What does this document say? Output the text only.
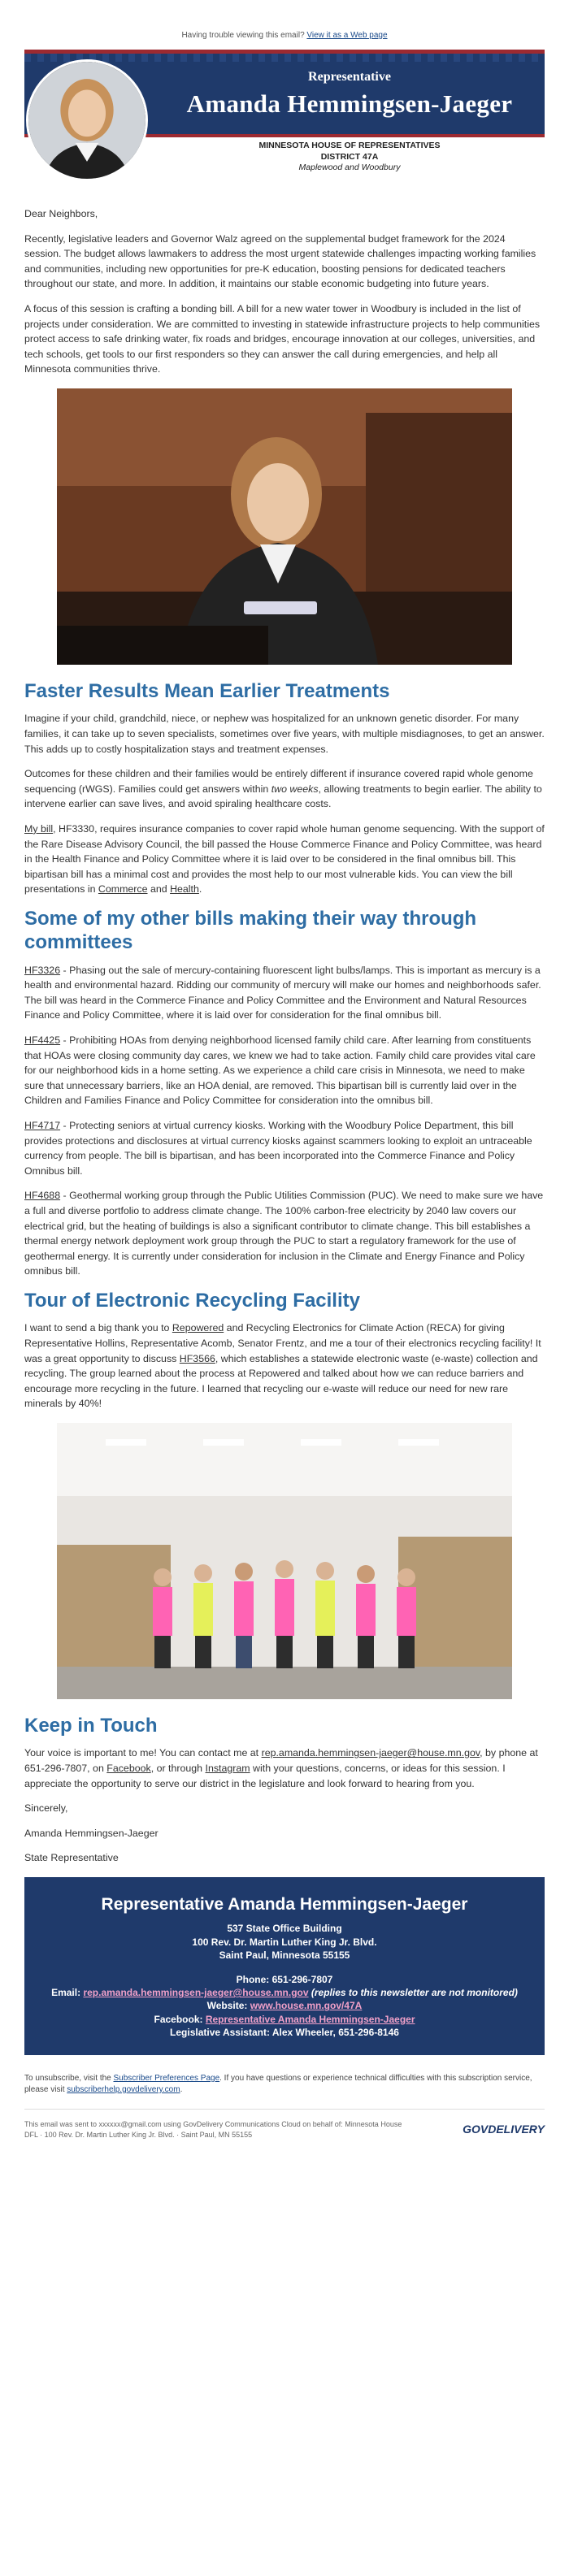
Having trouble viewing this email? View it as a Web page
Representative
Amanda Hemmingsen-Jaeger
MINNESOTA HOUSE OF REPRESENTATIVES
DISTRICT 47A
Maplewood and Woodbury

Dear Neighbors,

Recently, legislative leaders and Governor Walz agreed on the supplemental budget framework for the 2024 session. The budget allows lawmakers to address the most urgent statewide challenges impacting working families and communities, including new opportunities for pre-K education, boosting pensions for dedicated teachers throughout our state, and more. In addition, it maintains our stable economic budgeting into future years.

A focus of this session is crafting a bonding bill. A bill for a new water tower in Woodbury is included in the list of projects under consideration. We are committed to investing in statewide infrastructure projects to help communities protect access to safe drinking water, fix roads and bridges, encourage innovation at our colleges, universities, and tech schools, get tools to our first responders so they can answer the call during emergencies, and help all Minnesota communities thrive.

Faster Results Mean Earlier Treatments

Imagine if your child, grandchild, niece, or nephew was hospitalized for an unknown genetic disorder. For many families, it can take up to seven specialists, sometimes over five years, with multiple misdiagnoses, to get an answer. This adds up to costly hospitalization stays and treatment expenses.

Outcomes for these children and their families would be entirely different if insurance covered rapid whole genome sequencing (rWGS). Families could get answers within two weeks, allowing treatments to begin earlier. The ability to intervene earlier can save lives, and avoid spiraling healthcare costs.

My bill, HF3330, requires insurance companies to cover rapid whole human genome sequencing. With the support of the Rare Disease Advisory Council, the bill passed the House Commerce Finance and Policy Committee, was heard in the Health Finance and Policy Committee where it is laid over to be considered in the final omnibus bill. This bipartisan bill has a minimal cost and provides the most help to our most vulnerable kids. You can view the bill presentations in Commerce and Health.

Some of my other bills making their way through committees

HF3326 - Phasing out the sale of mercury-containing fluorescent light bulbs/lamps. This is important as mercury is a health and environmental hazard. Ridding our community of mercury will make our homes and neighborhoods safer. The bill was heard in the Commerce Finance and Policy Committee and the Environment and Natural Resources Finance and Policy Committee, where it is laid over for consideration for the final omnibus bill.

HF4425 - Prohibiting HOAs from denying neighborhood licensed family child care. After learning from constituents that HOAs were closing community day cares, we knew we had to take action. Family child care provides vital care for our neighborhood kids in a home setting. As we experience a child care crisis in Minnesota, we need to make sure that unnecessary barriers, like an HOA denial, are removed. This bipartisan bill is currently laid over in the Children and Families Finance and Policy Committee for consideration into the omnibus bill.

HF4717 - Protecting seniors at virtual currency kiosks. Working with the Woodbury Police Department, this bill provides protections and disclosures at virtual currency kiosks against scammers looking to exploit an untraceable currency from people. The bill is bipartisan, and has been incorporated into the Commerce Finance and Policy Omnibus bill.

HF4688 - Geothermal working group through the Public Utilities Commission (PUC). We need to make sure we have a full and diverse portfolio to address climate change. The 100% carbon-free electricity by 2040 law covers our electrical grid, but the heating of buildings is also a significant contributor to climate change. This bill establishes a thermal energy network deployment work group through the PUC to start a regulatory framework for the use of geothermal energy. It is currently under consideration for inclusion in the Climate and Energy Finance and Policy omnibus bill.

Tour of Electronic Recycling Facility

I want to send a big thank you to Repowered and Recycling Electronics for Climate Action (RECA) for giving Representative Hollins, Representative Acomb, Senator Frentz, and me a tour of their electronics recycling facility! It was a great opportunity to discuss HF3566, which establishes a statewide electronic waste (e-waste) collection and recycling. The group learned about the process at Repowered and talked about how we can reduce barriers and encourage more recycling in the future. I learned that recycling our e-waste will reduce our need for new rare minerals by 40%!

Keep in Touch

Your voice is important to me! You can contact me at rep.amanda.hemmingsen-jaeger@house.mn.gov, by phone at 651-296-7807, on Facebook, or through Instagram with your questions, concerns, or ideas for this session. I appreciate the opportunity to serve our district in the legislature and look forward to hearing from you.

Sincerely,

Amanda Hemmingsen-Jaeger

State Representative

Representative Amanda Hemmingsen-Jaeger
537 State Office Building
100 Rev. Dr. Martin Luther King Jr. Blvd.
Saint Paul, Minnesota 55155
Phone: 651-296-7807
Email: rep.amanda.hemmingsen-jaeger@house.mn.gov (replies to this newsletter are not monitored)
Website: www.house.mn.gov/47A
Facebook: Representative Amanda Hemmingsen-Jaeger
Legislative Assistant: Alex Wheeler, 651-296-8146
To unsubscribe, visit the Subscriber Preferences Page. If you have questions or experience technical difficulties with this subscription service, please visit subscriberhelp.govdelivery.com.
This email was sent to xxxxxx@gmail.com using GovDelivery Communications Cloud on behalf of: Minnesota House DFL · 100 Rev. Dr. Martin Luther King Jr. Blvd. · Saint Paul, MN 55155	GOVDELIVERY
